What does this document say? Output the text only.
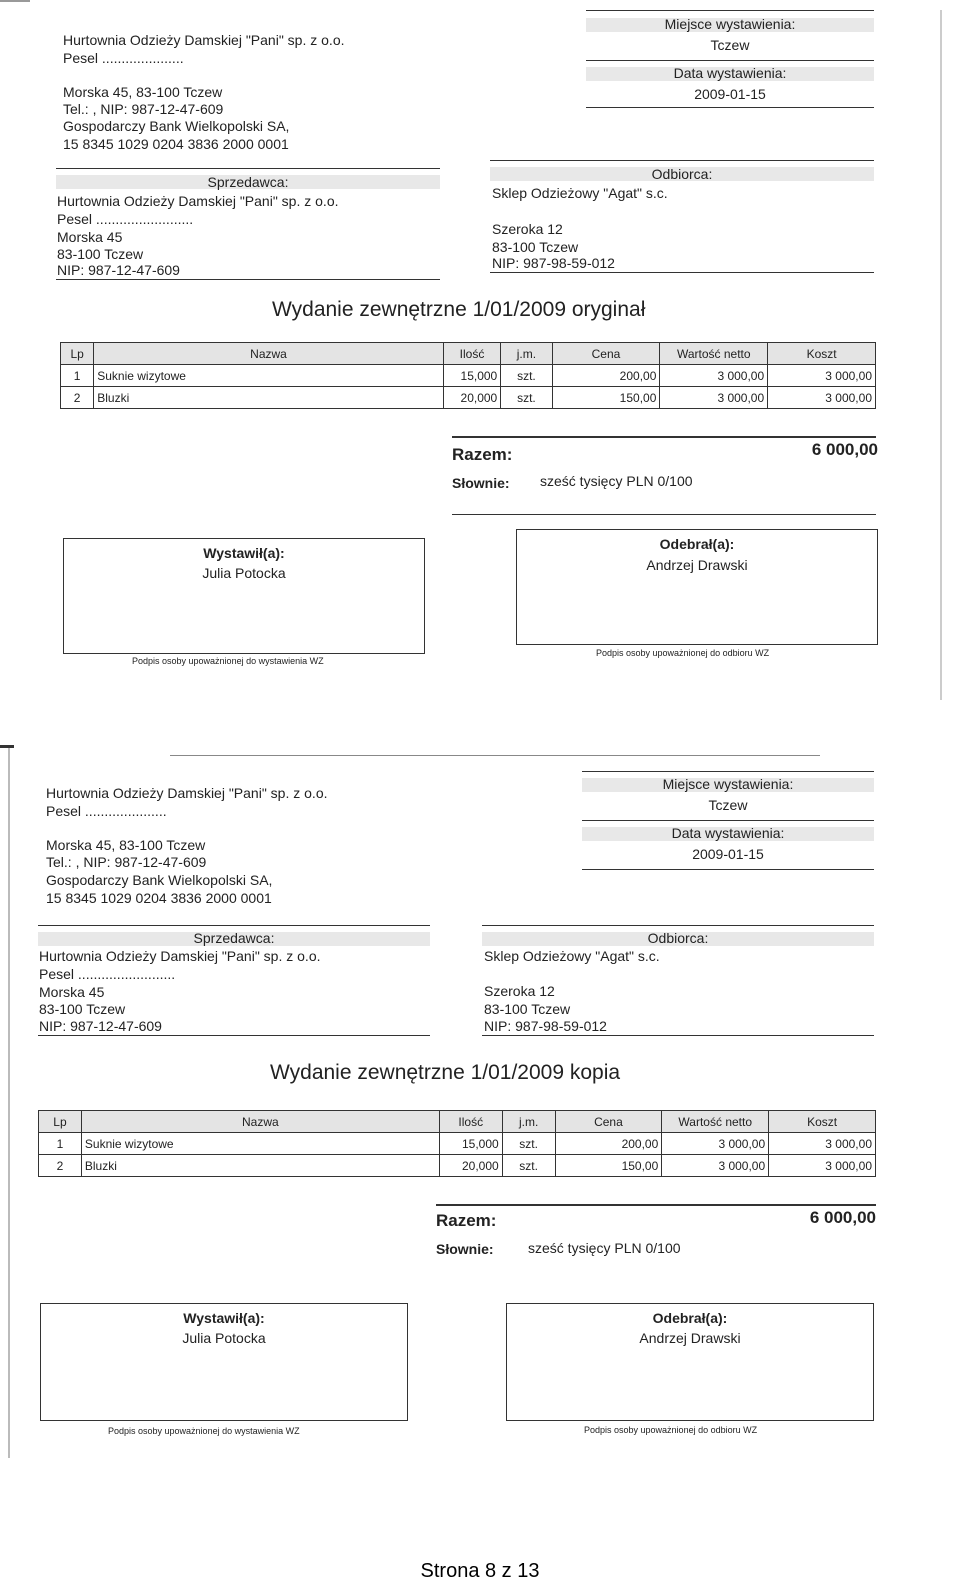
Hurtownia Odzieży Damskiej "Pani" sp. z o.o.
Pesel .....................
Morska 45, 83-100 Tczew
Tel.: , NIP: 987-12-47-609
Gospodarczy Bank Wielkopolski SA,
15 8345 1029 0204 3836 2000 0001
Miejsce wystawienia:
Tczew
Data wystawienia:
2009-01-15
Sprzedawca:
Hurtownia Odzieży Damskiej "Pani" sp. z o.o.
Pesel .........................
Morska 45
83-100 Tczew
NIP: 987-12-47-609
Odbiorca:
Sklep Odzieżowy "Agat" s.c.
Szeroka 12
83-100 Tczew
NIP: 987-98-59-012
Wydanie zewnętrzne 1/01/2009 oryginał
Lp	Nazwa	Ilość	j.m.	Cena	Wartość netto	Koszt
1	Suknie wizytowe	15,000	szt.	200,00	3 000,00	3 000,00
2	Bluzki	20,000	szt.	150,00	3 000,00	3 000,00
Razem:	6 000,00
Słownie: sześć tysięcy PLN 0/100
Wystawił(a):
Julia Potocka
Podpis osoby upoważnionej do wystawienia WZ
Odebrał(a):
Andrzej Drawski
Podpis osoby upoważnionej do odbioru WZ
Hurtownia Odzieży Damskiej "Pani" sp. z o.o.
Pesel .....................
Morska 45, 83-100 Tczew
Tel.: , NIP: 987-12-47-609
Gospodarczy Bank Wielkopolski SA,
15 8345 1029 0204 3836 2000 0001
Miejsce wystawienia:
Tczew
Data wystawienia:
2009-01-15
Sprzedawca:
Hurtownia Odzieży Damskiej "Pani" sp. z o.o.
Pesel .........................
Morska 45
83-100 Tczew
NIP: 987-12-47-609
Odbiorca:
Sklep Odzieżowy "Agat" s.c.
Szeroka 12
83-100 Tczew
NIP: 987-98-59-012
Wydanie zewnętrzne 1/01/2009 kopia
Lp	Nazwa	Ilość	j.m.	Cena	Wartość netto	Koszt
1	Suknie wizytowe	15,000	szt.	200,00	3 000,00	3 000,00
2	Bluzki	20,000	szt.	150,00	3 000,00	3 000,00
Razem:	6 000,00
Słownie: sześć tysięcy PLN 0/100
Wystawił(a):
Julia Potocka
Podpis osoby upoważnionej do wystawienia WZ
Odebrał(a):
Andrzej Drawski
Podpis osoby upoważnionej do odbioru WZ
Strona 8 z 13
